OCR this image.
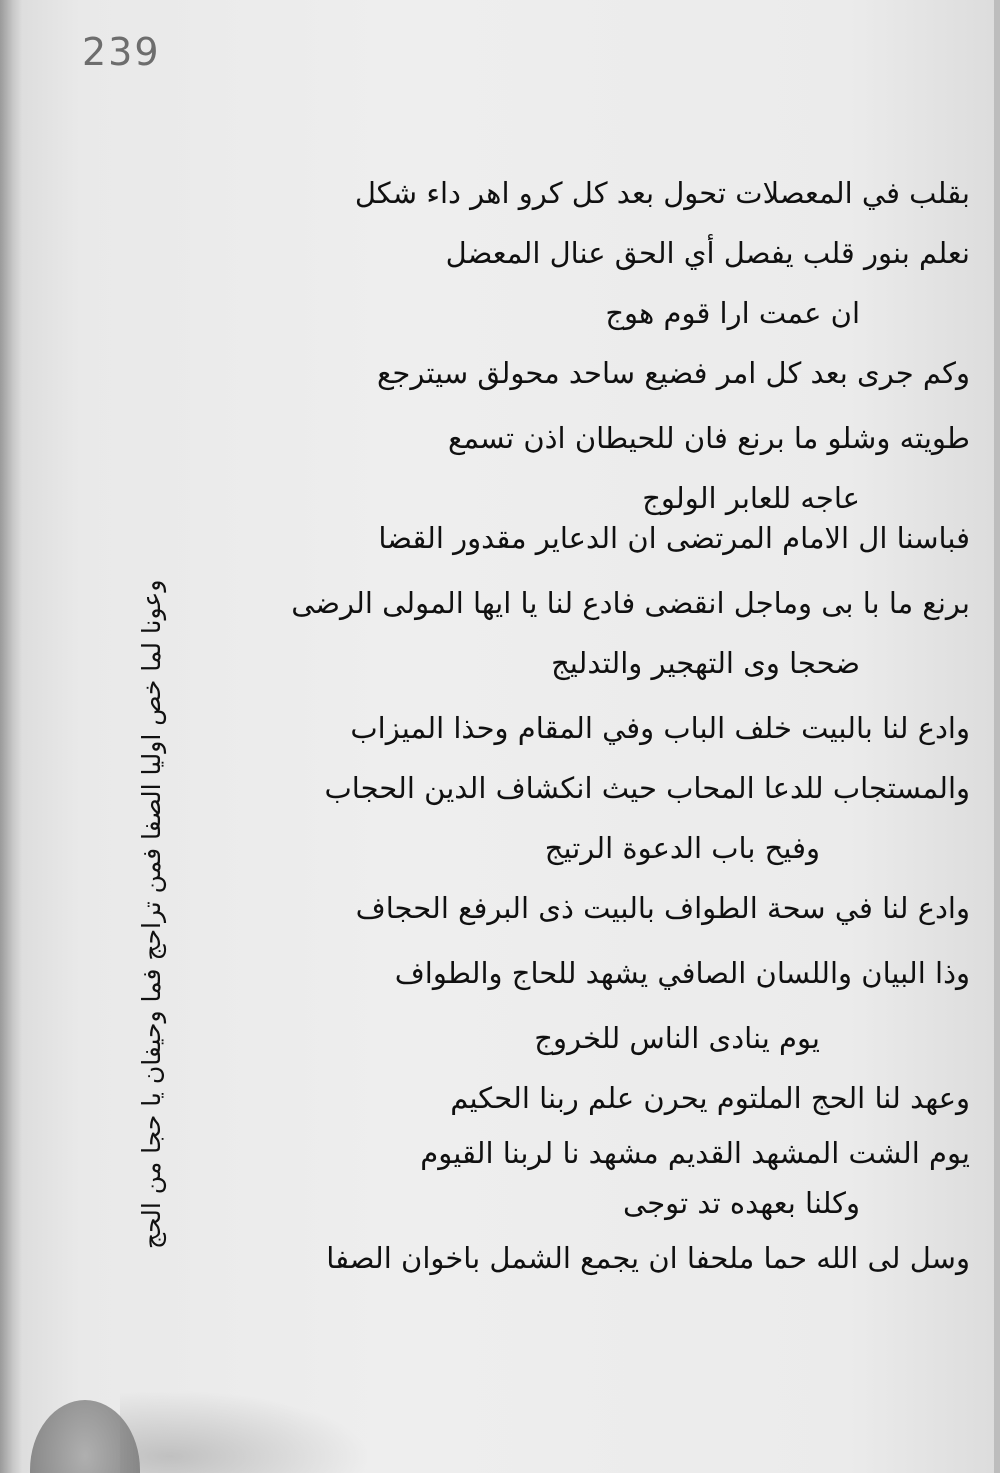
239
بقلب في المعصلات تحول بعد كل كرو اهر داء شكل
نعلم بنور قلب يفصل أي الحق عنال المعضل
ان عمت ارا قوم هوج
وكم جرى بعد كل امر فضيع ساحد محولق سيترجع
طويته وشلو ما برنع فان للحيطان اذن تسمع
عاجه للعابر الولوج
فباسنا ال الامام المرتضى ان الدعاير مقدور القضا
برنع ما با بى وماجل انقضى فادع لنا يا ايها المولى الرضى
ضحجا وى التهجير والتدليج
وادع لنا بالبيت خلف الباب وفي المقام وحذا الميزاب
والمستجاب للدعا المحاب حيث انكشاف الدين الحجاب
وفيح باب الدعوة الرتيج
وادع لنا في سحة الطواف بالبيت ذى البرفع الحجاف
وذا البيان واللسان الصافي يشهد للحاج والطواف
يوم ينادى الناس للخروج
وعهد لنا الحج الملتوم يحرن علم ربنا الحكيم
يوم الشت المشهد القديم مشهد نا لربنا القيوم
وكلنا بعهده تد توجى
وسل لى الله حما ملحفا ان يجمع الشمل باخوان الصفا
وعونا لما خص اوليا الصفا فمن تراحج فما وحيفان يا حجا من الحج
